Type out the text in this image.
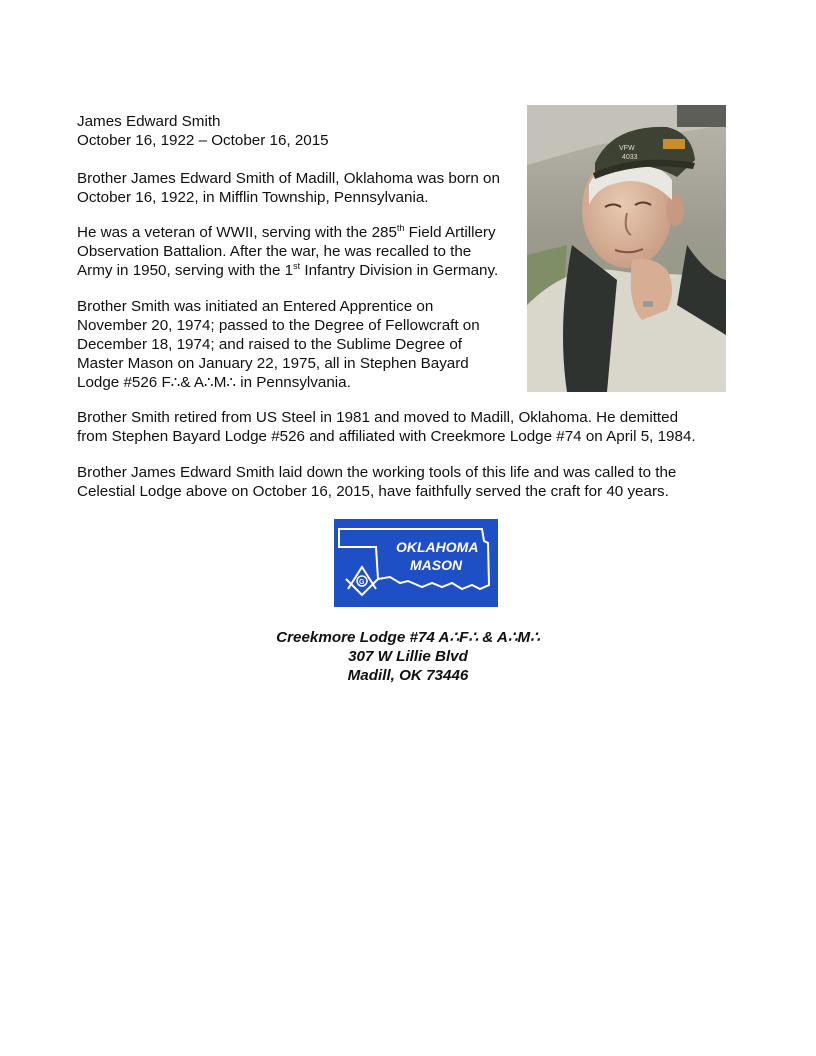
James Edward Smith

October 16, 1922 – October 16, 2015

Brother James Edward Smith of Madill, Oklahoma was born on

October 16, 1922, in Mifflin Township, Pennsylvania.

He was a veteran of WWII, serving with the 285th Field Artillery

Observation Battalion. After the war, he was recalled to the

Army in 1950, serving with the 1st Infantry Division in Germany.

Brother Smith was initiated an Entered Apprentice on

November 20, 1974; passed to the Degree of Fellowcraft on

December 18, 1974; and raised to the Sublime Degree of

Master Mason on January 22, 1975, all in Stephen Bayard

Lodge #526 F∴& A∴M∴ in Pennsylvania.

Brother Smith retired from US Steel in 1981 and moved to Madill, Oklahoma. He demitted

from Stephen Bayard Lodge #526 and affiliated with Creekmore Lodge #74 on April 5, 1984.

Brother James Edward Smith laid down the working tools of this life and was called to the

Celestial Lodge above on October 16, 2015, have faithfully served the craft for 40 years.

VFW
4033
G
OKLAHOMA
MASON
Creekmore Lodge #74 A∴F∴ & A∴M∴
307 W Lillie Blvd
Madill, OK 73446
